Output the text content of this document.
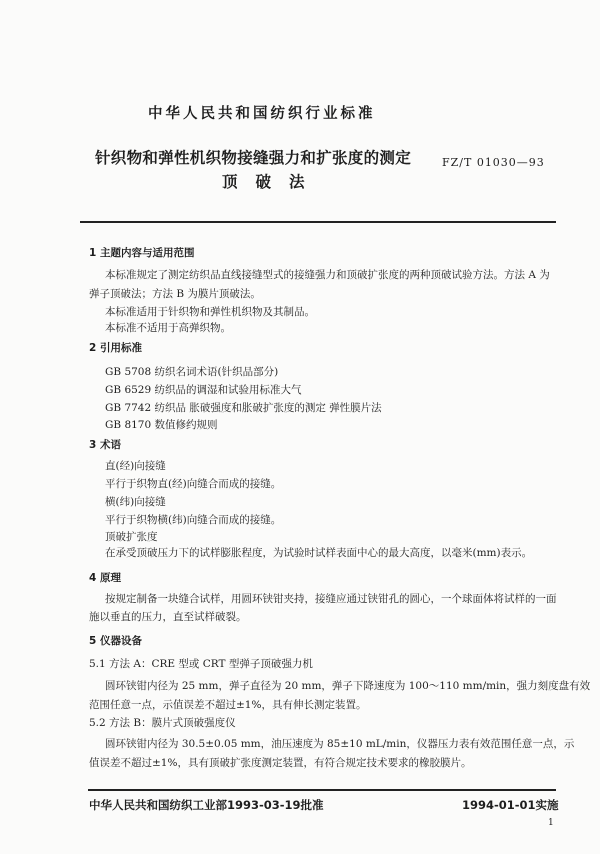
中华人民共和国纺织行业标准
针织物和弹性机织物接缝强力和扩张度的测定	FZ/T 01030—93
顶破法
1 主题内容与适用范围
本标准规定了测定纺织品直线接缝型式的接缝强力和顶破扩张度的两种顶破试验方法。方法 A 为
弹子顶破法；方法 B 为膜片顶破法。
本标准适用于针织物和弹性机织物及其制品。
本标准不适用于高弹织物。
2 引用标准
GB 5708 纺织名词术语(针织品部分)
GB 6529 纺织品的调湿和试验用标准大气
GB 7742 纺织品 胀破强度和胀破扩张度的测定 弹性膜片法
GB 8170 数值修约规则
3 术语
直(经)向接缝
平行于织物直(经)向缝合而成的接缝。
横(纬)向接缝
平行于织物横(纬)向缝合而成的接缝。
顶破扩张度
在承受顶破压力下的试样膨胀程度，为试验时试样表面中心的最大高度，以毫米(mm)表示。
4 原理
按规定制备一块缝合试样，用圆环铗钳夹持，接缝应通过铗钳孔的圆心，一个球面体将试样的一面
施以垂直的压力，直至试样破裂。
5 仪器设备
5.1 方法 A：CRE 型或 CRT 型弹子顶破强力机
圆环铗钳内径为 25 mm，弹子直径为 20 mm，弹子下降速度为 100～110 mm/min，强力刻度盘有效
范围任意一点，示值误差不超过±1%，具有伸长测定装置。
5.2 方法 B：膜片式顶破强度仪
圆环铗钳内径为 30.5±0.05 mm，油压速度为 85±10 mL/min，仪器压力表有效范围任意一点，示
值误差不超过±1%，具有顶破扩张度测定装置，有符合规定技术要求的橡胶膜片。
中华人民共和国纺织工业部1993-03-19批准	1994-01-01实施
1
